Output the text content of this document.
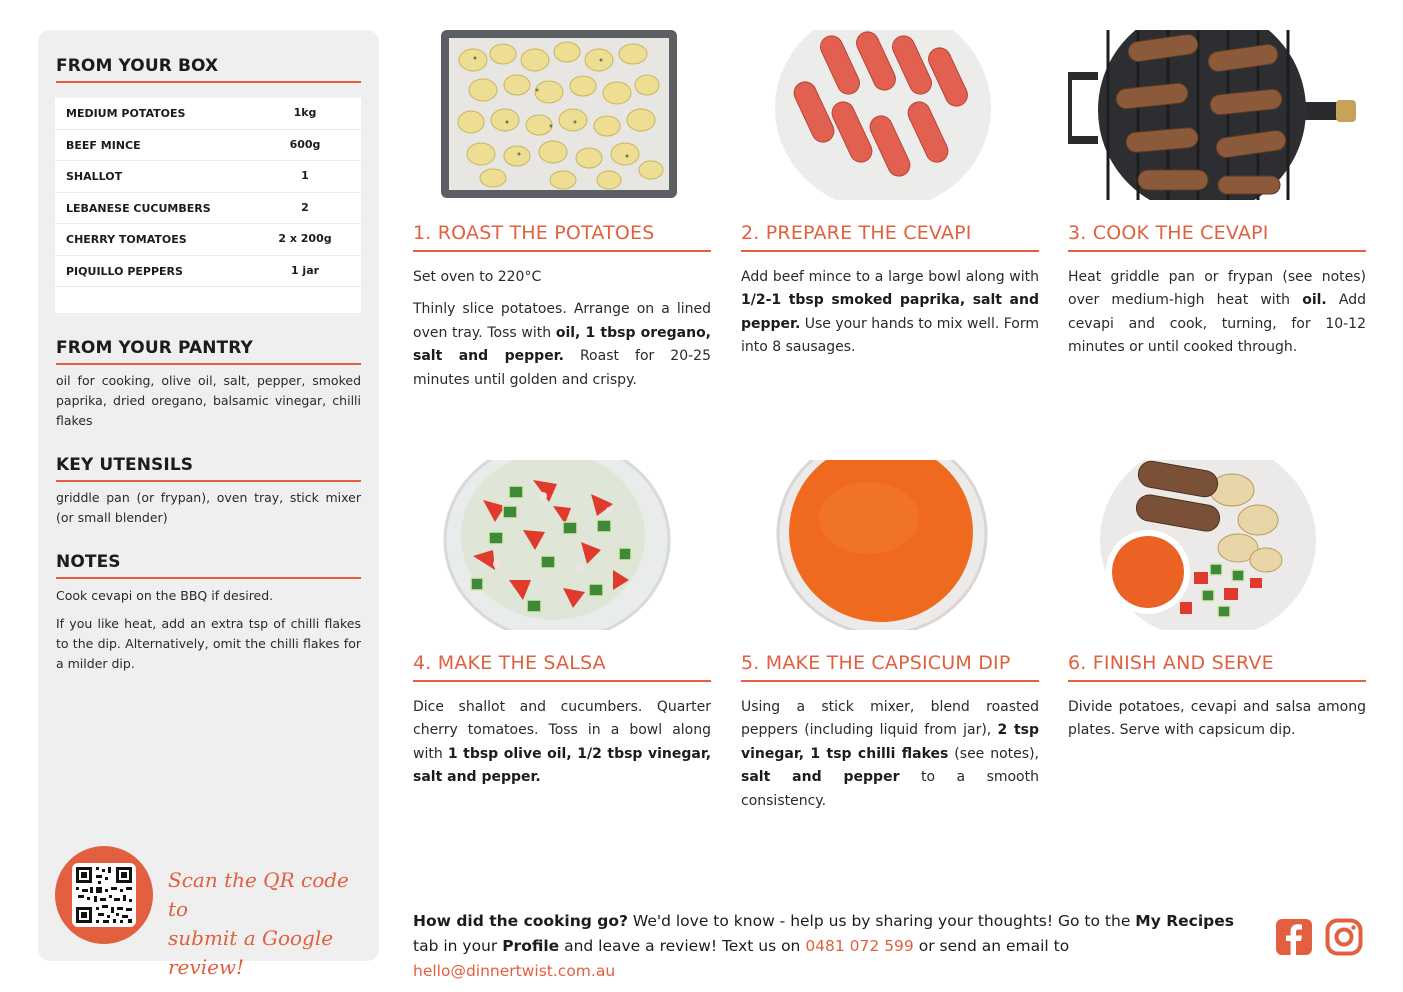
FROM YOUR BOX
MEDIUM POTATOES	1kg
BEEF MINCE	600g
SHALLOT	1
LEBANESE CUCUMBERS	2
CHERRY TOMATOES	2 x 200g
PIQUILLO PEPPERS	1 jar
FROM YOUR PANTRY
oil for cooking, olive oil, salt, pepper, smoked paprika, dried oregano, balsamic vinegar, chilli flakes
KEY UTENSILS
griddle pan (or frypan), oven tray, stick mixer (or small blender)
NOTES

Cook cevapi on the BBQ if desired.

If you like heat, add an extra tsp of chilli flakes to the dip. Alternatively, omit the chilli flakes for a milder dip.

Scan the QR code to
submit a Google review!
1. ROAST THE POTATOES

Set oven to 220°C

Thinly slice potatoes. Arrange on a lined oven tray. Toss with oil, 1 tbsp oregano, salt and pepper. Roast for 20-25 minutes until golden and crispy.

2. PREPARE THE CEVAPI

Add beef mince to a large bowl along with 1/2-1 tbsp smoked paprika, salt and pepper. Use your hands to mix well. Form into 8 sausages.

3. COOK THE CEVAPI

Heat griddle pan or frypan (see notes) over medium-high heat with oil. Add cevapi and cook, turning, for 10-12 minutes or until cooked through.

4. MAKE THE SALSA

Dice shallot and cucumbers. Quarter cherry tomatoes. Toss in a bowl along with 1 tbsp olive oil, 1/2 tbsp vinegar, salt and pepper.

5. MAKE THE CAPSICUM DIP

Using a stick mixer, blend roasted peppers (including liquid from jar), 2 tsp vinegar, 1 tsp chilli flakes (see notes), salt and pepper to a smooth consistency.

6. FINISH AND SERVE

Divide potatoes, cevapi and salsa among plates. Serve with capsicum dip.

How did the cooking go? We'd love to know - help us by sharing your thoughts! Go to the My Recipes tab in your Profile and leave a review! Text us on 0481 072 599 or send an email to hello@dinnertwist.com.au
